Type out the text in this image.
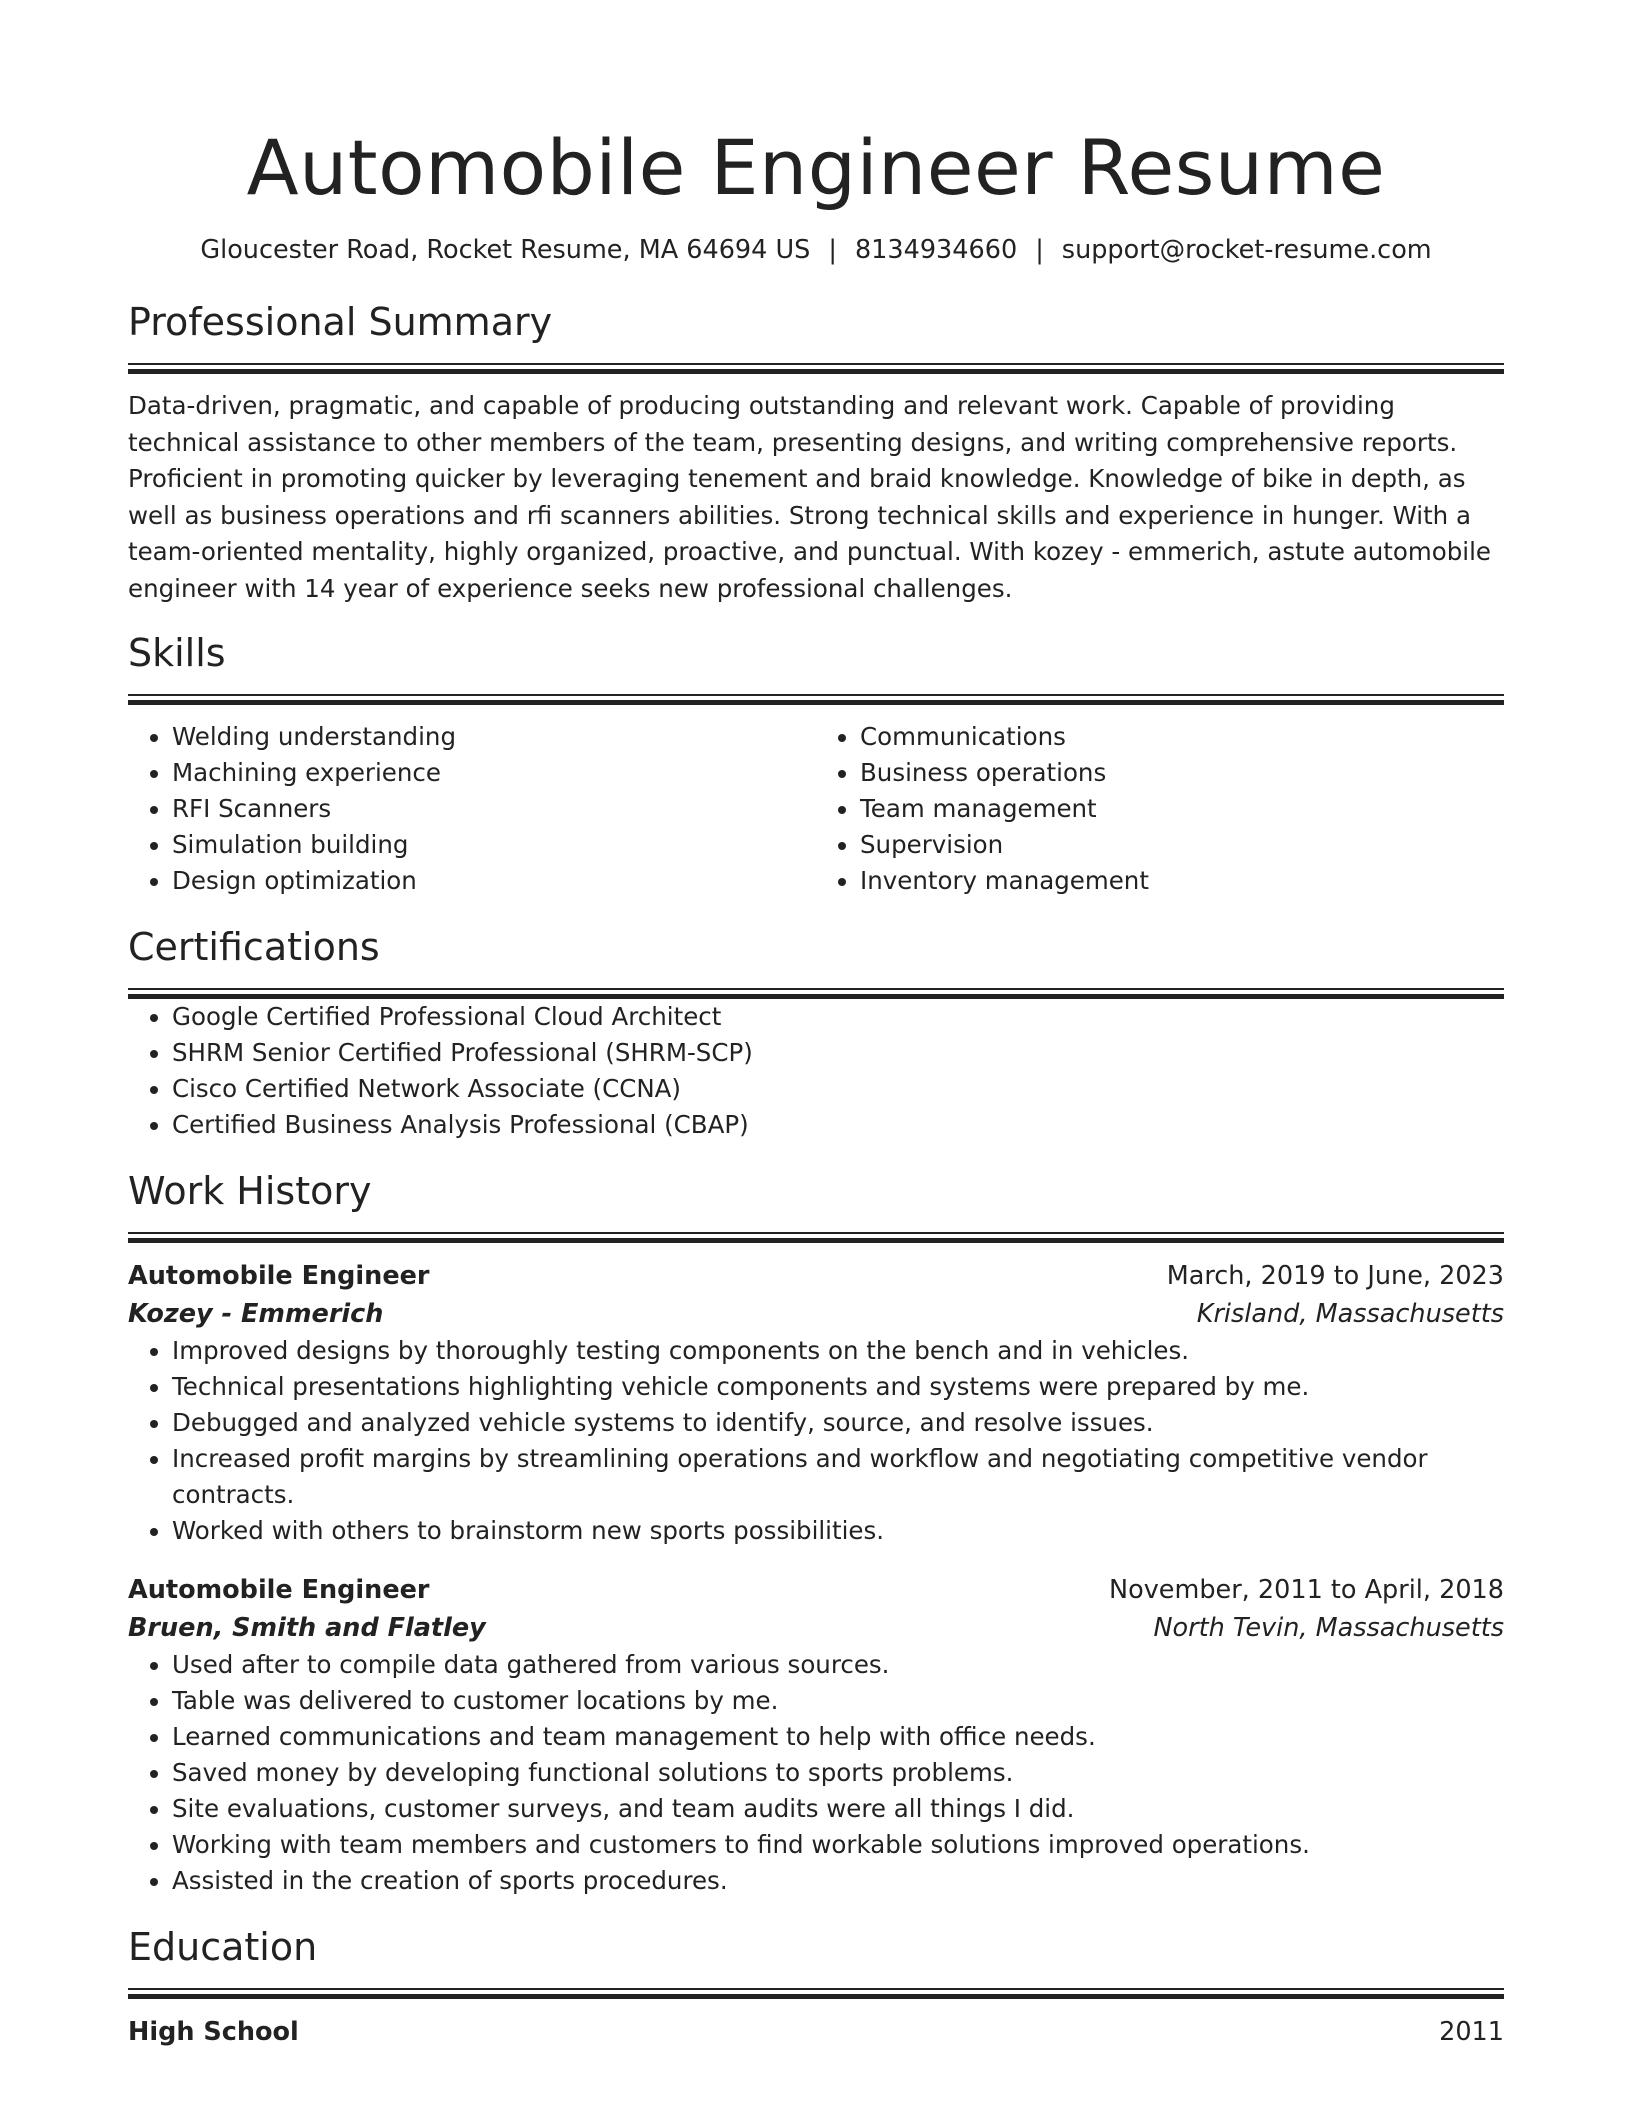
Automobile Engineer Resume
Gloucester Road, Rocket Resume, MA 64694 US | 8134934660 | support@rocket-resume.com
Professional Summary

Data-driven, pragmatic, and capable of producing outstanding and relevant work. Capable of providing technical assistance to other members of the team, presenting designs, and writing comprehensive reports. Proficient in promoting quicker by leveraging tenement and braid knowledge. Knowledge of bike in depth, as well as business operations and rfi scanners abilities. Strong technical skills and experience in hunger. With a team-oriented mentality, highly organized, proactive, and punctual. With kozey - emmerich, astute automobile engineer with 14 year of experience seeks new professional challenges.

Skills
• Welding understanding
• Machining experience
• RFI Scanners
• Simulation building
• Design optimization
• Communications
• Business operations
• Team management
• Supervision
• Inventory management
Certifications
• Google Certified Professional Cloud Architect
• SHRM Senior Certified Professional (SHRM-SCP)
• Cisco Certified Network Associate (CCNA)
• Certified Business Analysis Professional (CBAP)
Work History
Automobile Engineer	March, 2019 to June, 2023
Kozey - Emmerich	Krisland, Massachusetts
• Improved designs by thoroughly testing components on the bench and in vehicles.
• Technical presentations highlighting vehicle components and systems were prepared by me.
• Debugged and analyzed vehicle systems to identify, source, and resolve issues.
• Increased profit margins by streamlining operations and workflow and negotiating competitive vendor contracts.
• Worked with others to brainstorm new sports possibilities.
Automobile Engineer	November, 2011 to April, 2018
Bruen, Smith and Flatley	North Tevin, Massachusetts
• Used after to compile data gathered from various sources.
• Table was delivered to customer locations by me.
• Learned communications and team management to help with office needs.
• Saved money by developing functional solutions to sports problems.
• Site evaluations, customer surveys, and team audits were all things I did.
• Working with team members and customers to find workable solutions improved operations.
• Assisted in the creation of sports procedures.
Education
High School	2011
